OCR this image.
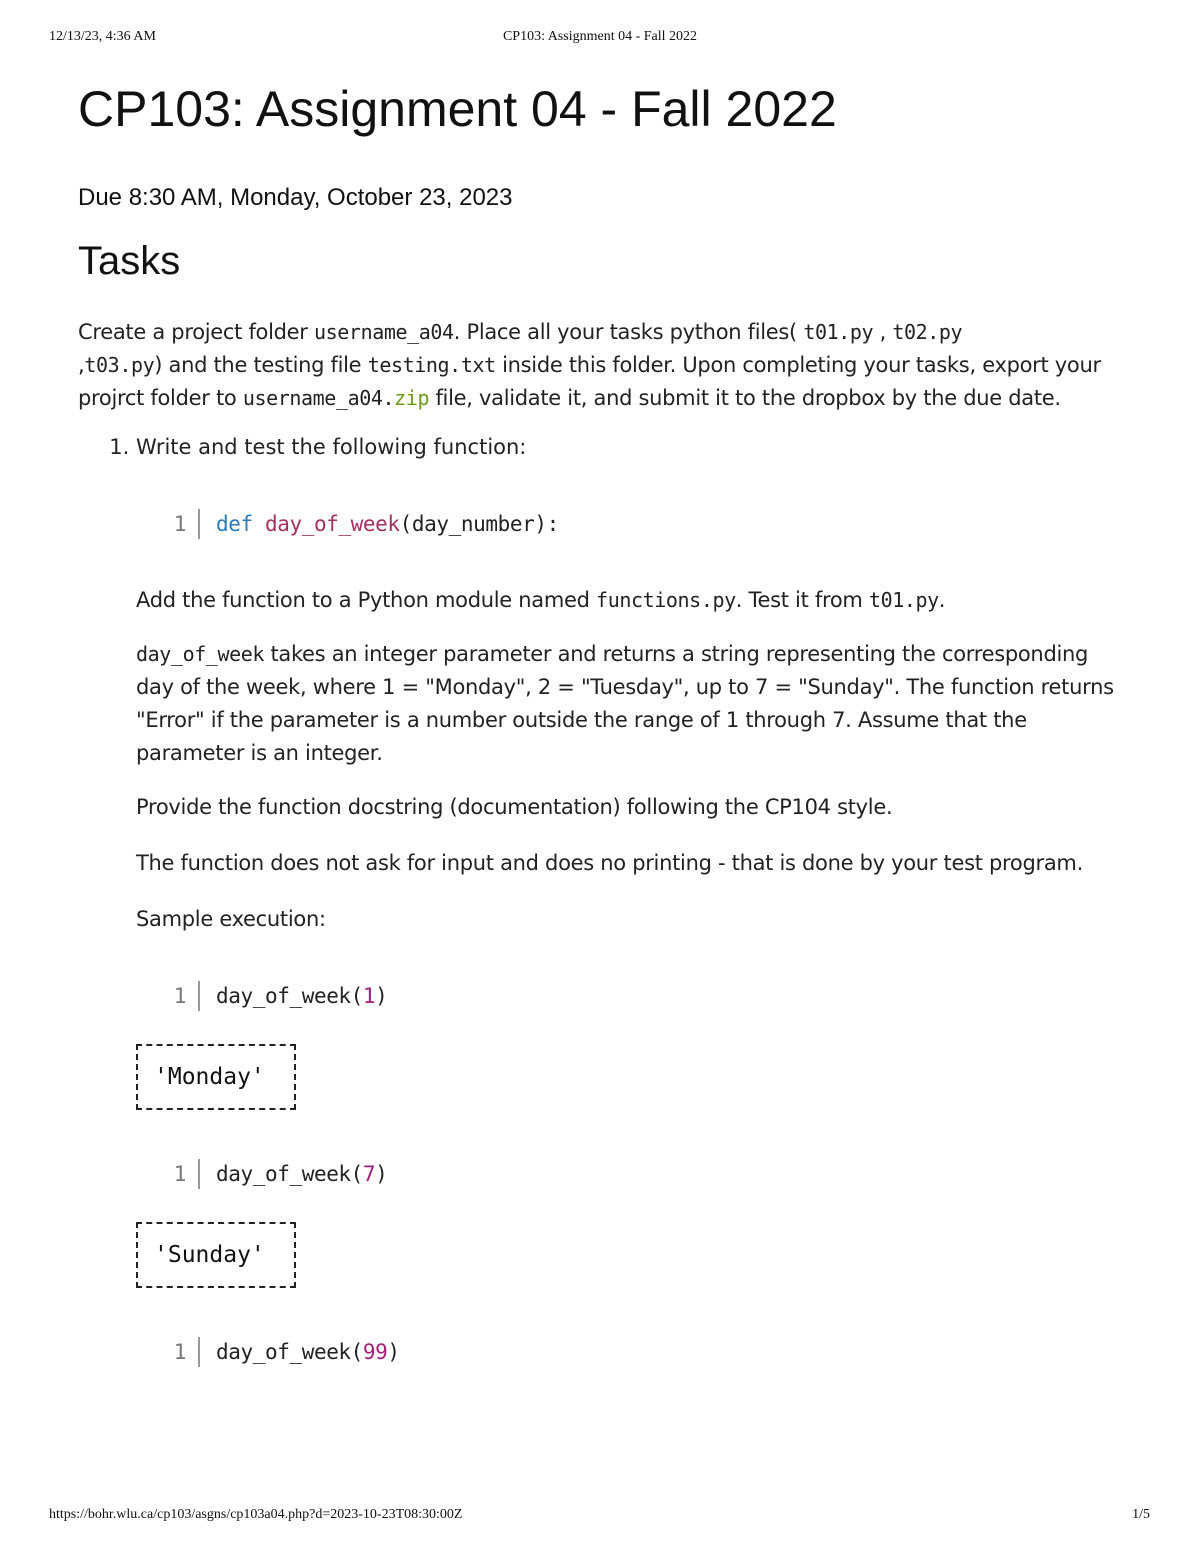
12/13/23, 4:36 AM	CP103: Assignment 04 - Fall 2022
CP103: Assignment 04 - Fall 2022
Due 8:30 AM, Monday, October 23, 2023
Tasks

Create a project folder username_a04. Place all your tasks python files( t01.py , t02.py
,t03.py) and the testing file testing.txt inside this folder. Upon completing your tasks, export your projrct folder to username_a04.zip file, validate it, and submit it to the dropbox by the due date.

1. Write and test the following function:
1 def
day_of_week (day_number):

Add the function to a Python module named functions.py. Test it from t01.py.

day_of_week takes an integer parameter and returns a string representing the corresponding day of the week, where 1 = "Monday", 2 = "Tuesday", up to 7 = "Sunday". The function returns "Error" if the parameter is a number outside the range of 1 through 7. Assume that the parameter is an integer.

Provide the function docstring (documentation) following the CP104 style.

The function does not ask for input and does no printing - that is done by your test program.

Sample execution:

1 day_of_week( 1 )
'Monday'
1 day_of_week( 7 )
'Sunday'
1 day_of_week( 99 )
https://bohr.wlu.ca/cp103/asgns/cp103a04.php?d=2023-10-23T08:30:00Z	1/5
